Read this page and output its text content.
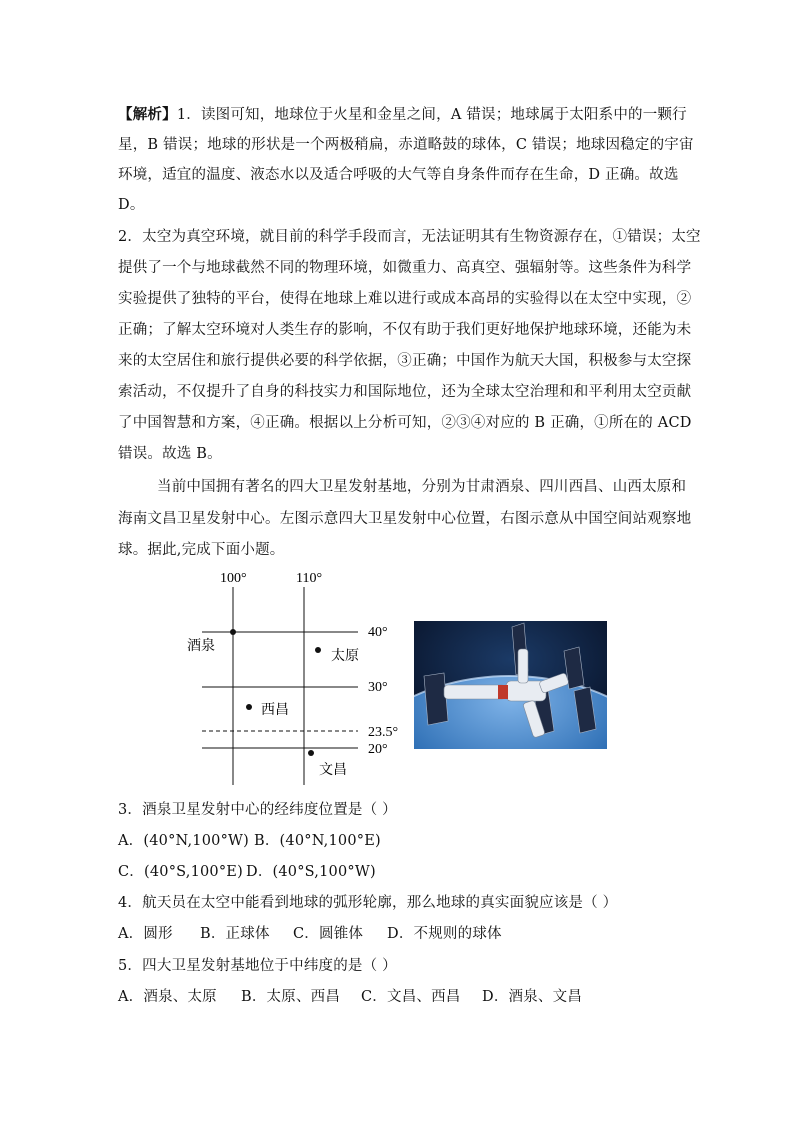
【解析】1．读图可知，地球位于火星和金星之间，A 错误；地球属于太阳系中的一颗行
星，B 错误；地球的形状是一个两极稍扁，赤道略鼓的球体，C 错误；地球因稳定的宇宙
环境，适宜的温度、液态水以及适合呼吸的大气等自身条件而存在生命，D 正确。故选
D。
2．太空为真空环境，就目前的科学手段而言，无法证明其有生物资源存在，①错误；太空
提供了一个与地球截然不同的物理环境，如微重力、高真空、强辐射等。这些条件为科学
实验提供了独特的平台，使得在地球上难以进行或成本高昂的实验得以在太空中实现，②
正确；了解太空环境对人类生存的影响，不仅有助于我们更好地保护地球环境，还能为未
来的太空居住和旅行提供必要的科学依据，③正确；中国作为航天大国，积极参与太空探
索活动，不仅提升了自身的科技实力和国际地位，还为全球太空治理和和平利用太空贡献
了中国智慧和方案，④正确。根据以上分析可知，②③④对应的 B 正确，①所在的 ACD
错误。故选 B。
当前中国拥有著名的四大卫星发射基地，分别为甘肃酒泉、四川西昌、山西太原和
海南文昌卫星发射中心。左图示意四大卫星发射中心位置，右图示意从中国空间站观察地
球。据此,完成下面小题。
100°	110°
40°
30°
23.5°
20°
酒泉
太原
西昌
文昌
3．酒泉卫星发射中心的经纬度位置是（ ）
A．(40°N,100°W) B．(40°N,100°E)
C．(40°S,100°E) D．(40°S,100°W)
4．航天员在太空中能看到地球的弧形轮廓，那么地球的真实面貌应该是（ ）
A．圆形 B．正球体 C．圆锥体 D．不规则的球体
5．四大卫星发射基地位于中纬度的是（ ）
A．酒泉、太原 B．太原、西昌 C．文昌、西昌 D．酒泉、文昌
